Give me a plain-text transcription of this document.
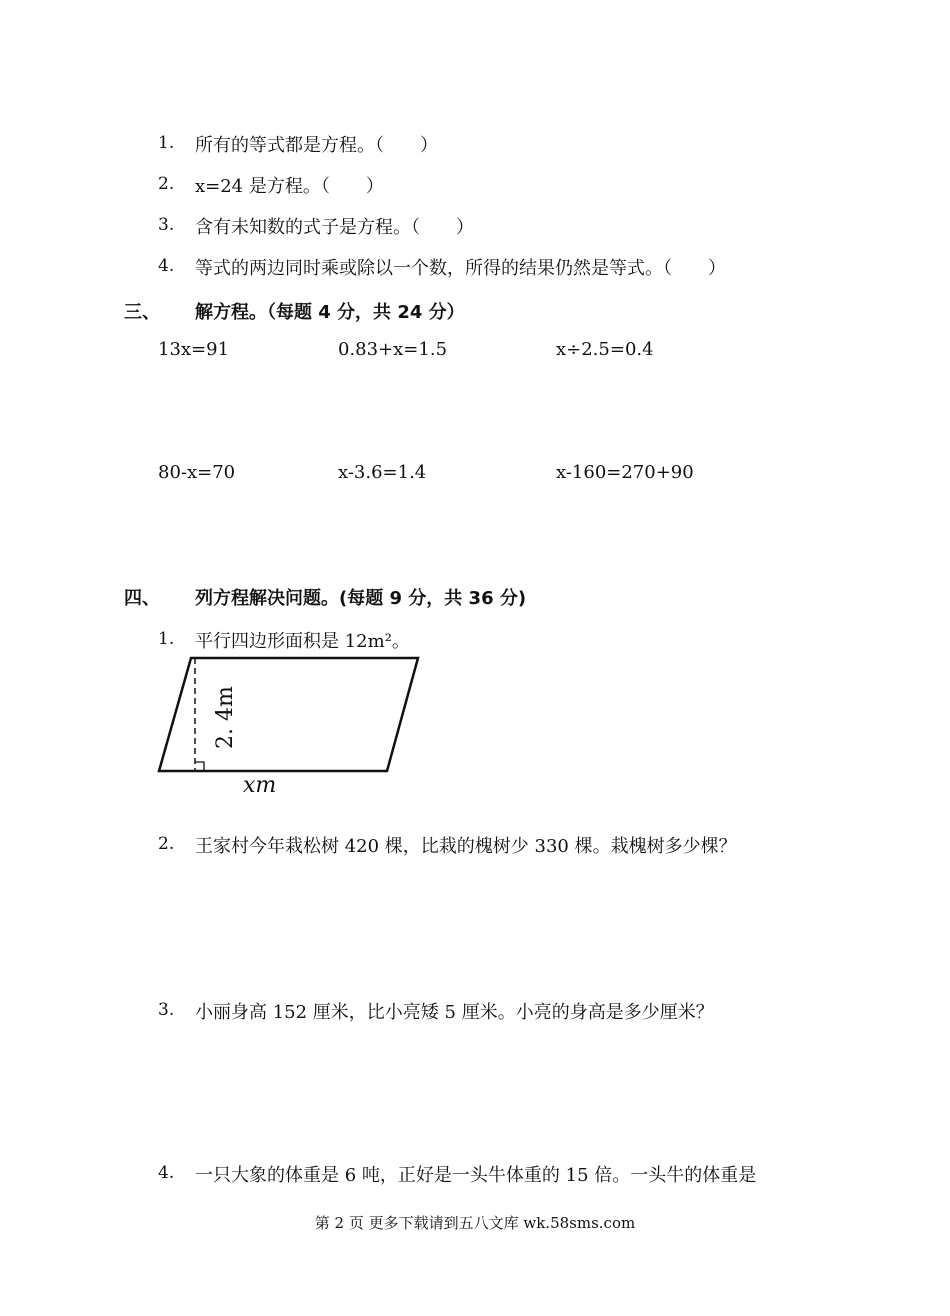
1. 所有的等式都是方程。（　　）
2. x=24 是方程。（　　）
3. 含有未知数的式子是方程。（　　）
4. 等式的两边同时乘或除以一个数，所得的结果仍然是等式。（　　）
三、 解方程。（每题 4 分，共 24 分）
13x=91	0.83+x=1.5	x÷2.5=0.4
80-x=70	x-3.6=1.4	x-160=270+90
四、 列方程解决问题。(每题 9 分，共 36 分)
1. 平行四边形面积是 12m²。
2. 4m
xm
2. 王家村今年栽松树 420 棵，比栽的槐树少 330 棵。栽槐树多少棵？
3. 小丽身高 152 厘米，比小亮矮 5 厘米。小亮的身高是多少厘米？
4. 一只大象的体重是 6 吨，正好是一头牛体重的 15 倍。一头牛的体重是
第 2 页 更多下载请到五八文库 wk.58sms.com
